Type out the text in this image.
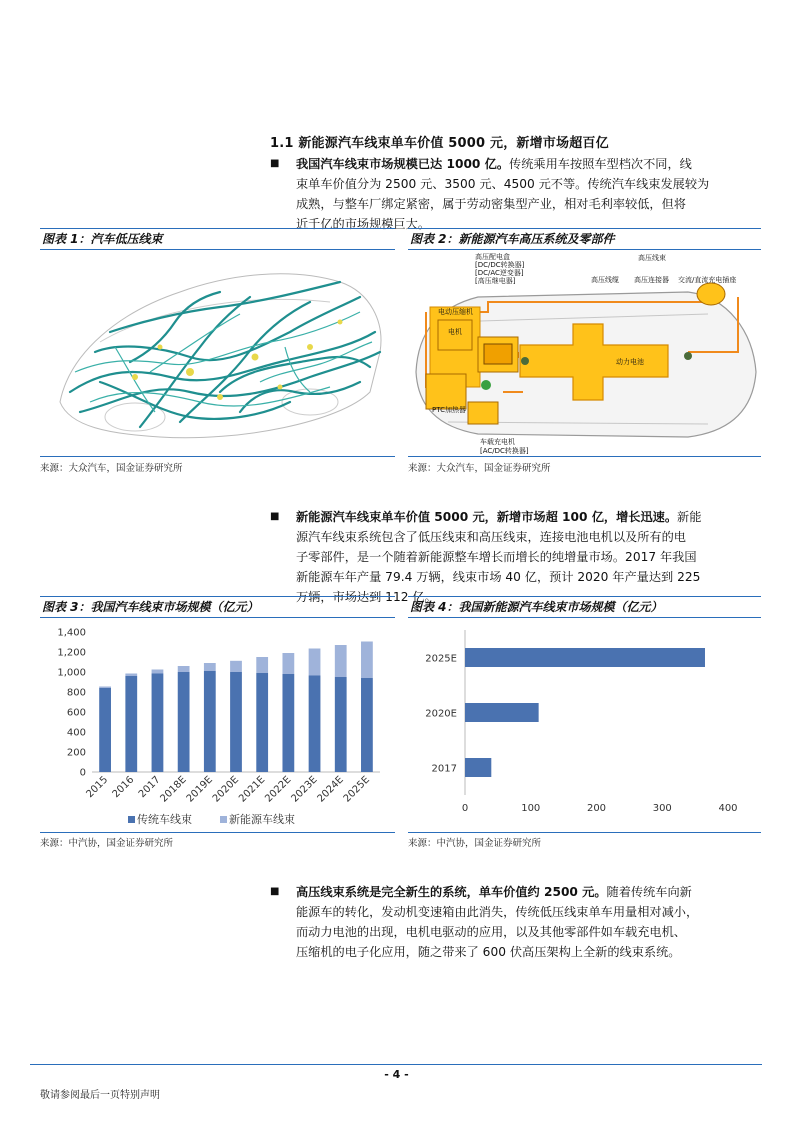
1.1 新能源汽车线束单车价值 5000 元，新增市场超百亿
■	我国汽车线束市场规模已达 1000 亿。传统乘用车按照车型档次不同，线
束单车价值分为 2500 元、3500 元、4500 元不等。传统汽车线束发展较为
成熟，与整车厂绑定紧密，属于劳动密集型产业，相对毛利率较低，但将
近千亿的市场规模巨大。
图表 1：汽车低压线束
来源：大众汽车，国金证券研究所
图表 2：新能源汽车高压系统及零部件
高压配电盒
[DC/DC转换器]
[DC/AC逆变器]
[高压继电器]
高压线束
高压线缆 高压连接器 交流/直流充电插座
电动压缩机
电机
动力电池
PTC加热器
车载充电机
[AC/DC转换器]
来源：大众汽车，国金证券研究所
■	新能源汽车线束单车价值 5000 元，新增市场超 100 亿，增长迅速。新能
源汽车线束系统包含了低压线束和高压线束，连接电池电机以及所有的电
子零部件，是一个随着新能源整车增长而增长的纯增量市场。2017 年我国
新能源车年产量 79.4 万辆，线束市场 40 亿，预计 2020 年产量达到 225
万辆，市场达到 112 亿。
图表 3：我国汽车线束市场规模（亿元）
0
200
400
600
800
1,000
1,200
1,400
2015 2016 2017
2018E
2019E
2020E
2021E
2022E
2023E
2024E
2025E
传统车线束	新能源车线束
来源：中汽协，国金证券研究所
图表 4：我国新能源汽车线束市场规模（亿元）
2025E
2020E
2017
0	100	200	300	400
来源：中汽协，国金证券研究所
■	高压线束系统是完全新生的系统，单车价值约 2500 元。随着传统车向新
能源车的转化，发动机变速箱由此消失，传统低压线束单车用量相对减小，
而动力电池的出现，电机电驱动的应用，以及其他零部件如车载充电机、
压缩机的电子化应用，随之带来了 600 伏高压架构上全新的线束系统。
- 4 -
敬请参阅最后一页特别声明
